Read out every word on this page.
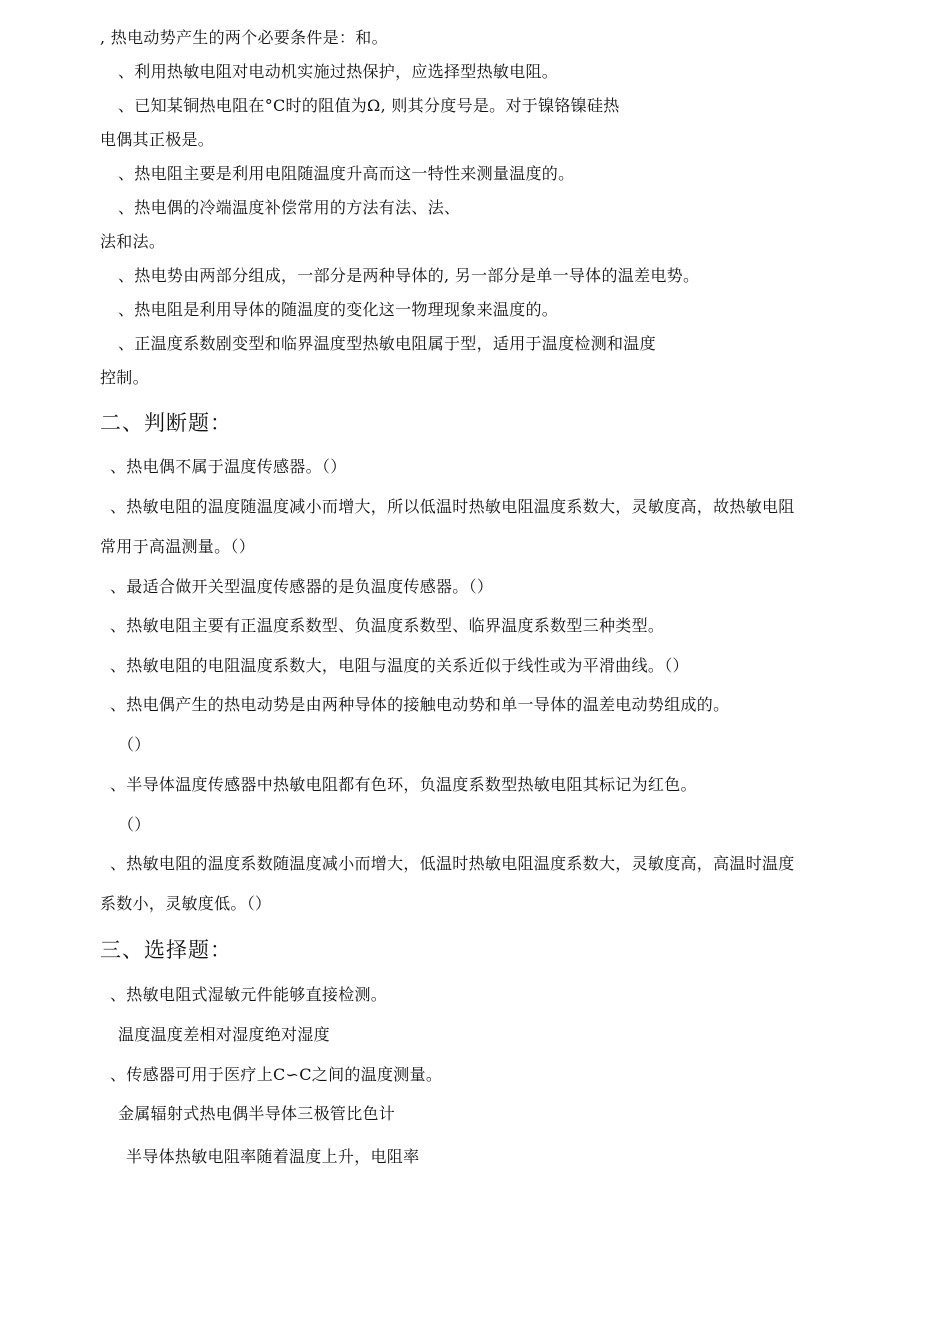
, 热电动势产生的两个必要条件是：和。
、利用热敏电阻对电动机实施过热保护，应选择型热敏电阻。
、已知某铜热电阻在°C时的阻值为Ω, 则其分度号是。对于镍铬镍硅热
电偶其正极是。
、热电阻主要是利用电阻随温度升高而这一特性来测量温度的。
、热电偶的冷端温度补偿常用的方法有法、法、
法和法。
、热电势由两部分组成，一部分是两种导体的, 另一部分是单一导体的温差电势。
、热电阻是利用导体的随温度的变化这一物理现象来温度的。
、正温度系数剧变型和临界温度型热敏电阻属于型，适用于温度检测和温度
控制。
二、判断题：
、热电偶不属于温度传感器。（）
、热敏电阻的温度随温度减小而增大，所以低温时热敏电阻温度系数大，灵敏度高，故热敏电阻
常用于高温测量。（）
、最适合做开关型温度传感器的是负温度传感器。（）
、热敏电阻主要有正温度系数型、负温度系数型、临界温度系数型三种类型。
、热敏电阻的电阻温度系数大，电阻与温度的关系近似于线性或为平滑曲线。（）
、热电偶产生的热电动势是由两种导体的接触电动势和单一导体的温差电动势组成的。
（）
、半导体温度传感器中热敏电阻都有色环，负温度系数型热敏电阻其标记为红色。
（）
、热敏电阻的温度系数随温度减小而增大，低温时热敏电阻温度系数大，灵敏度高，高温时温度
系数小，灵敏度低。（）
三、选择题：
、热敏电阻式湿敏元件能够直接检测。
温度温度差相对湿度绝对湿度
、传感器可用于医疗上C∽C之间的温度测量。
金属辐射式热电偶半导体三极管比色计
半导体热敏电阻率随着温度上升，电阻率
